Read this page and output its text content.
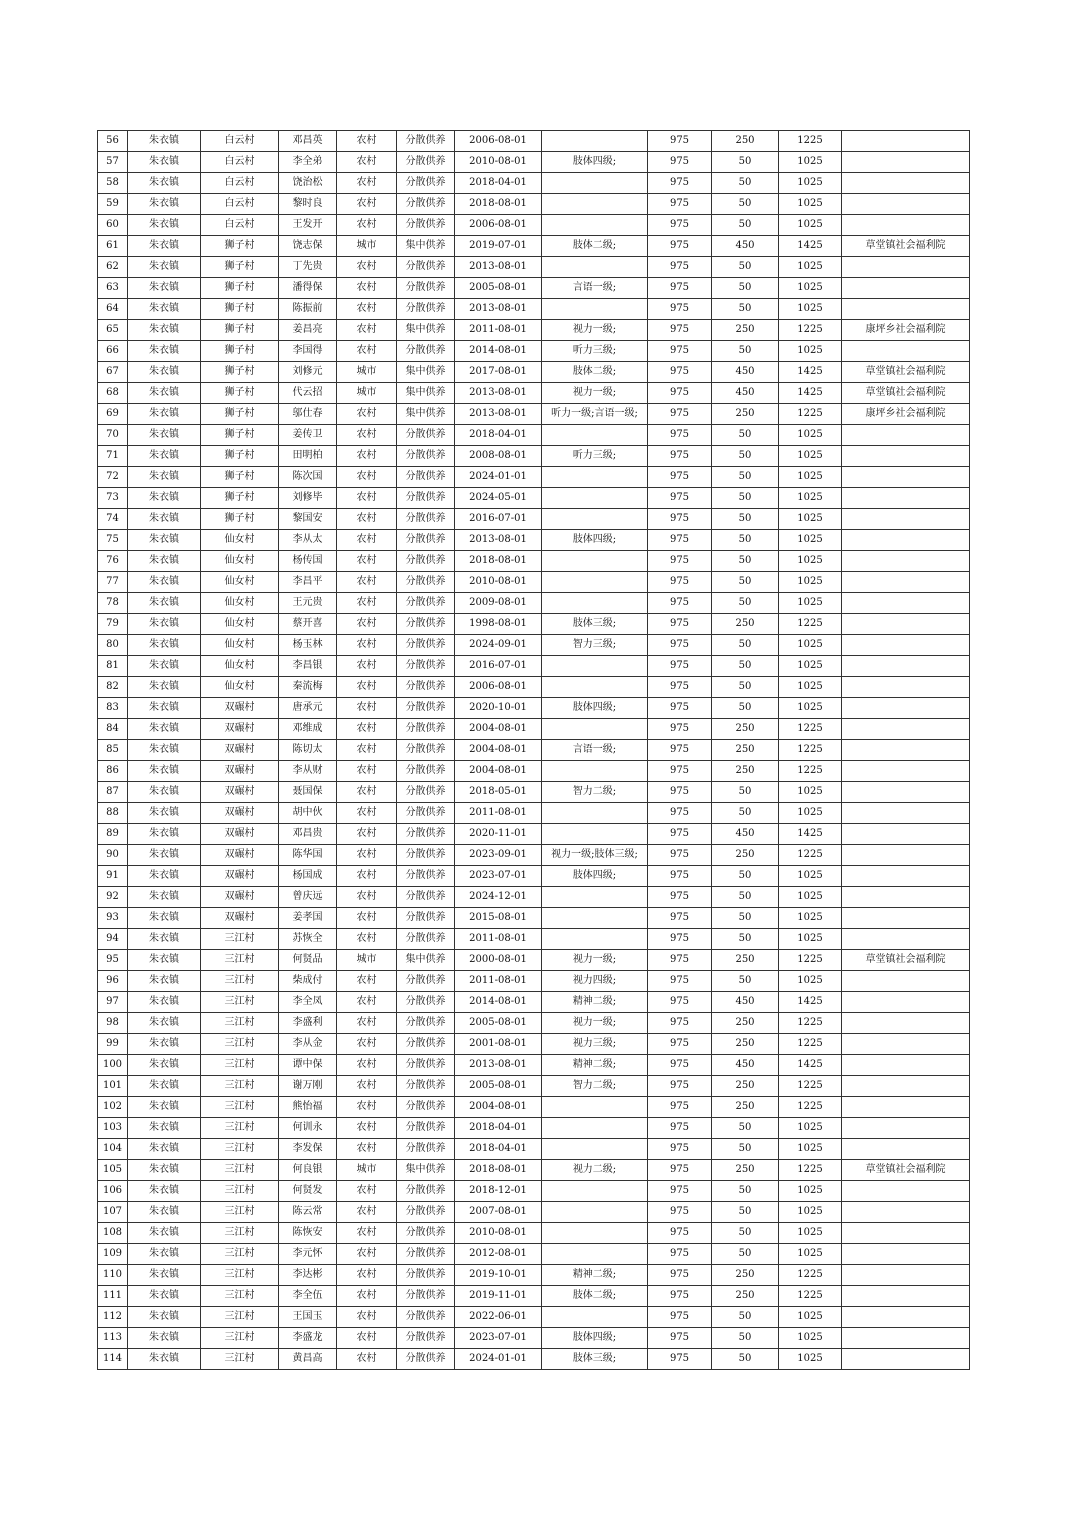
56	朱衣镇	白云村	邓昌英	农村	分散供养	2006-08-01		975	250	1225	
57	朱衣镇	白云村	李全弟	农村	分散供养	2010-08-01	肢体四级;	975	50	1025	
58	朱衣镇	白云村	饶治松	农村	分散供养	2018-04-01		975	50	1025	
59	朱衣镇	白云村	黎时良	农村	分散供养	2018-08-01		975	50	1025	
60	朱衣镇	白云村	王发开	农村	分散供养	2006-08-01		975	50	1025	
61	朱衣镇	狮子村	饶志保	城市	集中供养	2019-07-01	肢体二级;	975	450	1425	草堂镇社会福利院
62	朱衣镇	狮子村	丁先贵	农村	分散供养	2013-08-01		975	50	1025	
63	朱衣镇	狮子村	潘得保	农村	分散供养	2005-08-01	言语一级;	975	50	1025	
64	朱衣镇	狮子村	陈振前	农村	分散供养	2013-08-01		975	50	1025	
65	朱衣镇	狮子村	姜昌亮	农村	集中供养	2011-08-01	视力一级;	975	250	1225	康坪乡社会福利院
66	朱衣镇	狮子村	李国得	农村	分散供养	2014-08-01	听力三级;	975	50	1025	
67	朱衣镇	狮子村	刘修元	城市	集中供养	2017-08-01	肢体二级;	975	450	1425	草堂镇社会福利院
68	朱衣镇	狮子村	代云招	城市	集中供养	2013-08-01	视力一级;	975	450	1425	草堂镇社会福利院
69	朱衣镇	狮子村	邬仕春	农村	集中供养	2013-08-01	听力一级;言语一级;	975	250	1225	康坪乡社会福利院
70	朱衣镇	狮子村	姜传卫	农村	分散供养	2018-04-01		975	50	1025	
71	朱衣镇	狮子村	田明柏	农村	分散供养	2008-08-01	听力三级;	975	50	1025	
72	朱衣镇	狮子村	陈次国	农村	分散供养	2024-01-01		975	50	1025	
73	朱衣镇	狮子村	刘修毕	农村	分散供养	2024-05-01		975	50	1025	
74	朱衣镇	狮子村	黎国安	农村	分散供养	2016-07-01		975	50	1025	
75	朱衣镇	仙女村	李从太	农村	分散供养	2013-08-01	肢体四级;	975	50	1025	
76	朱衣镇	仙女村	杨传国	农村	分散供养	2018-08-01		975	50	1025	
77	朱衣镇	仙女村	李昌平	农村	分散供养	2010-08-01		975	50	1025	
78	朱衣镇	仙女村	王元贵	农村	分散供养	2009-08-01		975	50	1025	
79	朱衣镇	仙女村	蔡开喜	农村	分散供养	1998-08-01	肢体三级;	975	250	1225	
80	朱衣镇	仙女村	杨玉林	农村	分散供养	2024-09-01	智力三级;	975	50	1025	
81	朱衣镇	仙女村	李昌银	农村	分散供养	2016-07-01		975	50	1025	
82	朱衣镇	仙女村	秦流梅	农村	分散供养	2006-08-01		975	50	1025	
83	朱衣镇	双碾村	唐承元	农村	分散供养	2020-10-01	肢体四级;	975	50	1025	
84	朱衣镇	双碾村	邓维成	农村	分散供养	2004-08-01		975	250	1225	
85	朱衣镇	双碾村	陈切太	农村	分散供养	2004-08-01	言语一级;	975	250	1225	
86	朱衣镇	双碾村	李从财	农村	分散供养	2004-08-01		975	250	1225	
87	朱衣镇	双碾村	聂国保	农村	分散供养	2018-05-01	智力二级;	975	50	1025	
88	朱衣镇	双碾村	胡中伙	农村	分散供养	2011-08-01		975	50	1025	
89	朱衣镇	双碾村	邓昌贵	农村	分散供养	2020-11-01		975	450	1425	
90	朱衣镇	双碾村	陈华国	农村	分散供养	2023-09-01	视力一级;肢体三级;	975	250	1225	
91	朱衣镇	双碾村	杨国成	农村	分散供养	2023-07-01	肢体四级;	975	50	1025	
92	朱衣镇	双碾村	曾庆远	农村	分散供养	2024-12-01		975	50	1025	
93	朱衣镇	双碾村	姜孝国	农村	分散供养	2015-08-01		975	50	1025	
94	朱衣镇	三江村	苏恢全	农村	分散供养	2011-08-01		975	50	1025	
95	朱衣镇	三江村	何贤品	城市	集中供养	2000-08-01	视力一级;	975	250	1225	草堂镇社会福利院
96	朱衣镇	三江村	柴成付	农村	分散供养	2011-08-01	视力四级;	975	50	1025	
97	朱衣镇	三江村	李全凤	农村	分散供养	2014-08-01	精神二级;	975	450	1425	
98	朱衣镇	三江村	李盛利	农村	分散供养	2005-08-01	视力一级;	975	250	1225	
99	朱衣镇	三江村	李从金	农村	分散供养	2001-08-01	视力三级;	975	250	1225	
100	朱衣镇	三江村	谭中保	农村	分散供养	2013-08-01	精神二级;	975	450	1425	
101	朱衣镇	三江村	谢万刚	农村	分散供养	2005-08-01	智力二级;	975	250	1225	
102	朱衣镇	三江村	熊怡福	农村	分散供养	2004-08-01		975	250	1225	
103	朱衣镇	三江村	何训永	农村	分散供养	2018-04-01		975	50	1025	
104	朱衣镇	三江村	李发保	农村	分散供养	2018-04-01		975	50	1025	
105	朱衣镇	三江村	何良银	城市	集中供养	2018-08-01	视力二级;	975	250	1225	草堂镇社会福利院
106	朱衣镇	三江村	何贤发	农村	分散供养	2018-12-01		975	50	1025	
107	朱衣镇	三江村	陈云常	农村	分散供养	2007-08-01		975	50	1025	
108	朱衣镇	三江村	陈恢安	农村	分散供养	2010-08-01		975	50	1025	
109	朱衣镇	三江村	李元怀	农村	分散供养	2012-08-01		975	50	1025	
110	朱衣镇	三江村	李达彬	农村	分散供养	2019-10-01	精神二级;	975	250	1225	
111	朱衣镇	三江村	李全伍	农村	分散供养	2019-11-01	肢体二级;	975	250	1225	
112	朱衣镇	三江村	王国玉	农村	分散供养	2022-06-01		975	50	1025	
113	朱衣镇	三江村	李盛龙	农村	分散供养	2023-07-01	肢体四级;	975	50	1025	
114	朱衣镇	三江村	黄昌高	农村	分散供养	2024-01-01	肢体三级;	975	50	1025	
